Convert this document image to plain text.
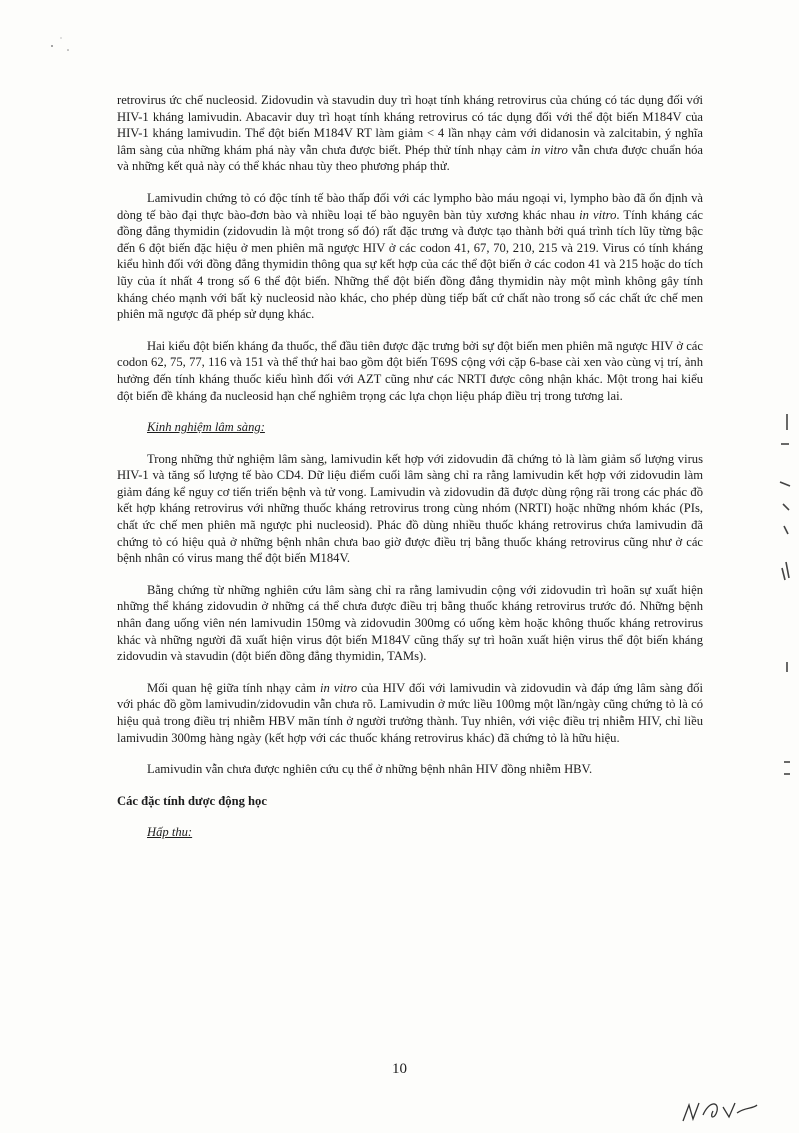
retrovirus ức chế nucleosid. Zidovudin và stavudin duy trì hoạt tính kháng retrovirus của chúng có tác dụng đối với HIV-1 kháng lamivudin. Abacavir duy trì hoạt tính kháng retrovirus có tác dụng đối với thể đột biến M184V của HIV-1 kháng lamivudin. Thể đột biến M184V RT làm giảm < 4 lần nhạy cảm với didanosin và zalcitabin, ý nghĩa lâm sàng của những khám phá này vẫn chưa được biết. Phép thử tính nhạy cảm in vitro vẫn chưa được chuẩn hóa và những kết quả này có thể khác nhau tùy theo phương pháp thử.

Lamivudin chứng tỏ có độc tính tế bào thấp đối với các lympho bào máu ngoại vi, lympho bào đã ổn định và dòng tế bào đại thực bào-đơn bào và nhiều loại tế bào nguyên bàn tủy xương khác nhau in vitro. Tính kháng các đồng đẳng thymidin (zidovudin là một trong số đó) rất đặc trưng và được tạo thành bởi quá trình tích lũy từng bậc đến 6 đột biến đặc hiệu ở men phiên mã ngược HIV ở các codon 41, 67, 70, 210, 215 và 219. Virus có tính kháng kiểu hình đối với đồng đẳng thymidin thông qua sự kết hợp của các thể đột biến ở các codon 41 và 215 hoặc do tích lũy của ít nhất 4 trong số 6 thể đột biến. Những thể đột biến đồng đẳng thymidin này một mình không gây tính kháng chéo mạnh với bất kỳ nucleosid nào khác, cho phép dùng tiếp bất cứ chất nào trong số các chất ức chế men phiên mã ngược đã phép sử dụng khác.

Hai kiểu đột biến kháng đa thuốc, thể đầu tiên được đặc trưng bởi sự đột biến men phiên mã ngược HIV ở các codon 62, 75, 77, 116 và 151 và thể thứ hai bao gồm đột biến T69S cộng với cặp 6-base cài xen vào cùng vị trí, ảnh hưởng đến tính kháng thuốc kiểu hình đối với AZT cũng như các NRTI được công nhận khác. Một trong hai kiểu đột biến đề kháng đa nucleosid hạn chế nghiêm trọng các lựa chọn liệu pháp điều trị trong tương lai.

Kinh nghiệm lâm sàng:

Trong những thử nghiệm lâm sàng, lamivudin kết hợp với zidovudin đã chứng tỏ là làm giảm số lượng virus HIV-1 và tăng số lượng tế bào CD4. Dữ liệu điểm cuối lâm sàng chỉ ra rằng lamivudin kết hợp với zidovudin làm giảm đáng kể nguy cơ tiến triển bệnh và tử vong. Lamivudin và zidovudin đã được dùng rộng rãi trong các phác đồ kết hợp kháng retrovirus với những thuốc kháng retrovirus trong cùng nhóm (NRTI) hoặc những nhóm khác (PIs, chất ức chế men phiên mã ngược phi nucleosid). Phác đồ dùng nhiều thuốc kháng retrovirus chứa lamivudin đã chứng tỏ có hiệu quả ở những bệnh nhân chưa bao giờ được điều trị bằng thuốc kháng retrovirus cũng như ở các bệnh nhân có virus mang thể đột biến M184V.

Bằng chứng từ những nghiên cứu lâm sàng chỉ ra rằng lamivudin cộng với zidovudin trì hoãn sự xuất hiện những thể kháng zidovudin ở những cá thể chưa được điều trị bằng thuốc kháng retrovirus trước đó. Những bệnh nhân đang uống viên nén lamivudin 150mg và zidovudin 300mg có uống kèm hoặc không thuốc kháng retrovirus khác và những người đã xuất hiện virus đột biến M184V cũng thấy sự trì hoãn xuất hiện virus thể đột biến kháng zidovudin và stavudin (đột biến đồng đẳng thymidin, TAMs).

Mối quan hệ giữa tính nhạy cảm in vitro của HIV đối với lamivudin và zidovudin và đáp ứng lâm sàng đối với phác đồ gồm lamivudin/zidovudin vẫn chưa rõ. Lamivudin ở mức liều 100mg một lần/ngày cũng chứng tỏ là có hiệu quả trong điều trị nhiễm HBV mãn tính ở người trưởng thành. Tuy nhiên, với việc điều trị nhiễm HIV, chỉ liều lamivudin 300mg hàng ngày (kết hợp với các thuốc kháng retrovirus khác) đã chứng tỏ là hữu hiệu.

Lamivudin vẫn chưa được nghiên cứu cụ thể ở những bệnh nhân HIV đồng nhiễm HBV.

Các đặc tính dược động học

Hấp thu:

10
